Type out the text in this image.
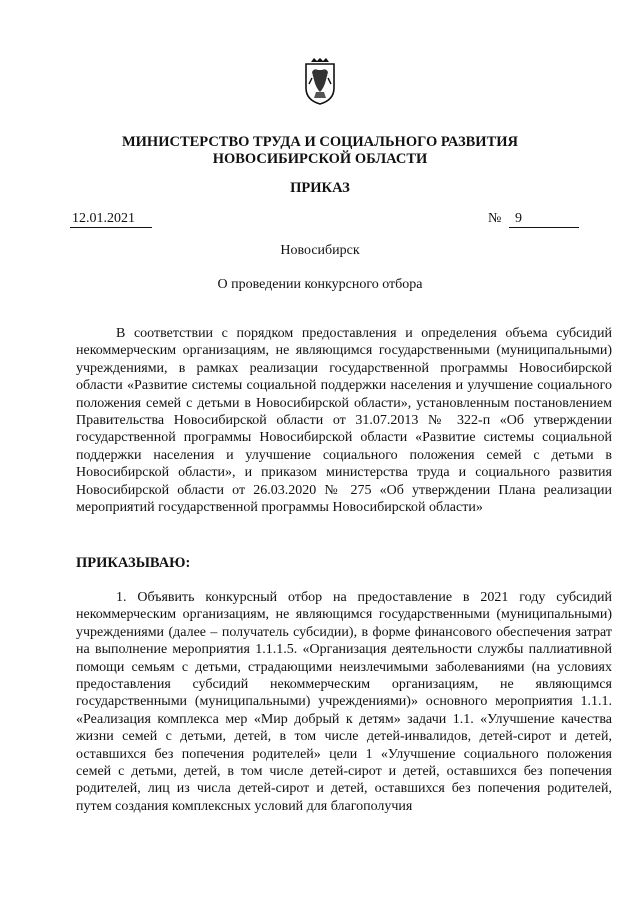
МИНИСТЕРСТВО ТРУДА И СОЦИАЛЬНОГО РАЗВИТИЯ
НОВОСИБИРСКОЙ ОБЛАСТИ
ПРИКАЗ
12.01.2021	№ 9
Новосибирск
О проведении конкурсного отбора
В соответствии с порядком предоставления и определения объема субсидий некоммерческим организациям, не являющимся государственными (муниципальными) учреждениями, в рамках реализации государственной программы Новосибирской области «Развитие системы социальной поддержки населения и улучшение социального положения семей с детьми в Новосибирской области», установленным постановлением Правительства Новосибирской области от 31.07.2013 № 322-п «Об утверждении государственной программы Новосибирской области «Развитие системы социальной поддержки населения и улучшение социального положения семей с детьми в Новосибирской области», и приказом министерства труда и социального развития Новосибирской области от 26.03.2020 № 275 «Об утверждении Плана реализации мероприятий государственной программы Новосибирской области»
ПРИКАЗЫВАЮ:
1. Объявить конкурсный отбор на предоставление в 2021 году субсидий некоммерческим организациям, не являющимся государственными (муниципальными) учреждениями (далее – получатель субсидии), в форме финансового обеспечения затрат на выполнение мероприятия 1.1.1.5. «Организация деятельности службы паллиативной помощи семьям с детьми, страдающими неизлечимыми заболеваниями (на условиях предоставления субсидий некоммерческим организациям, не являющимся государственными (муниципальными) учреждениями)» основного мероприятия 1.1.1. «Реализация комплекса мер «Мир добрый к детям» задачи 1.1. «Улучшение качества жизни семей с детьми, детей, в том числе детей-инвалидов, детей-сирот и детей, оставшихся без попечения родителей» цели 1 «Улучшение социального положения семей с детьми, детей, в том числе детей-сирот и детей, оставшихся без попечения родителей, лиц из числа детей-сирот и детей, оставшихся без попечения родителей, путем создания комплексных условий для благополучия
